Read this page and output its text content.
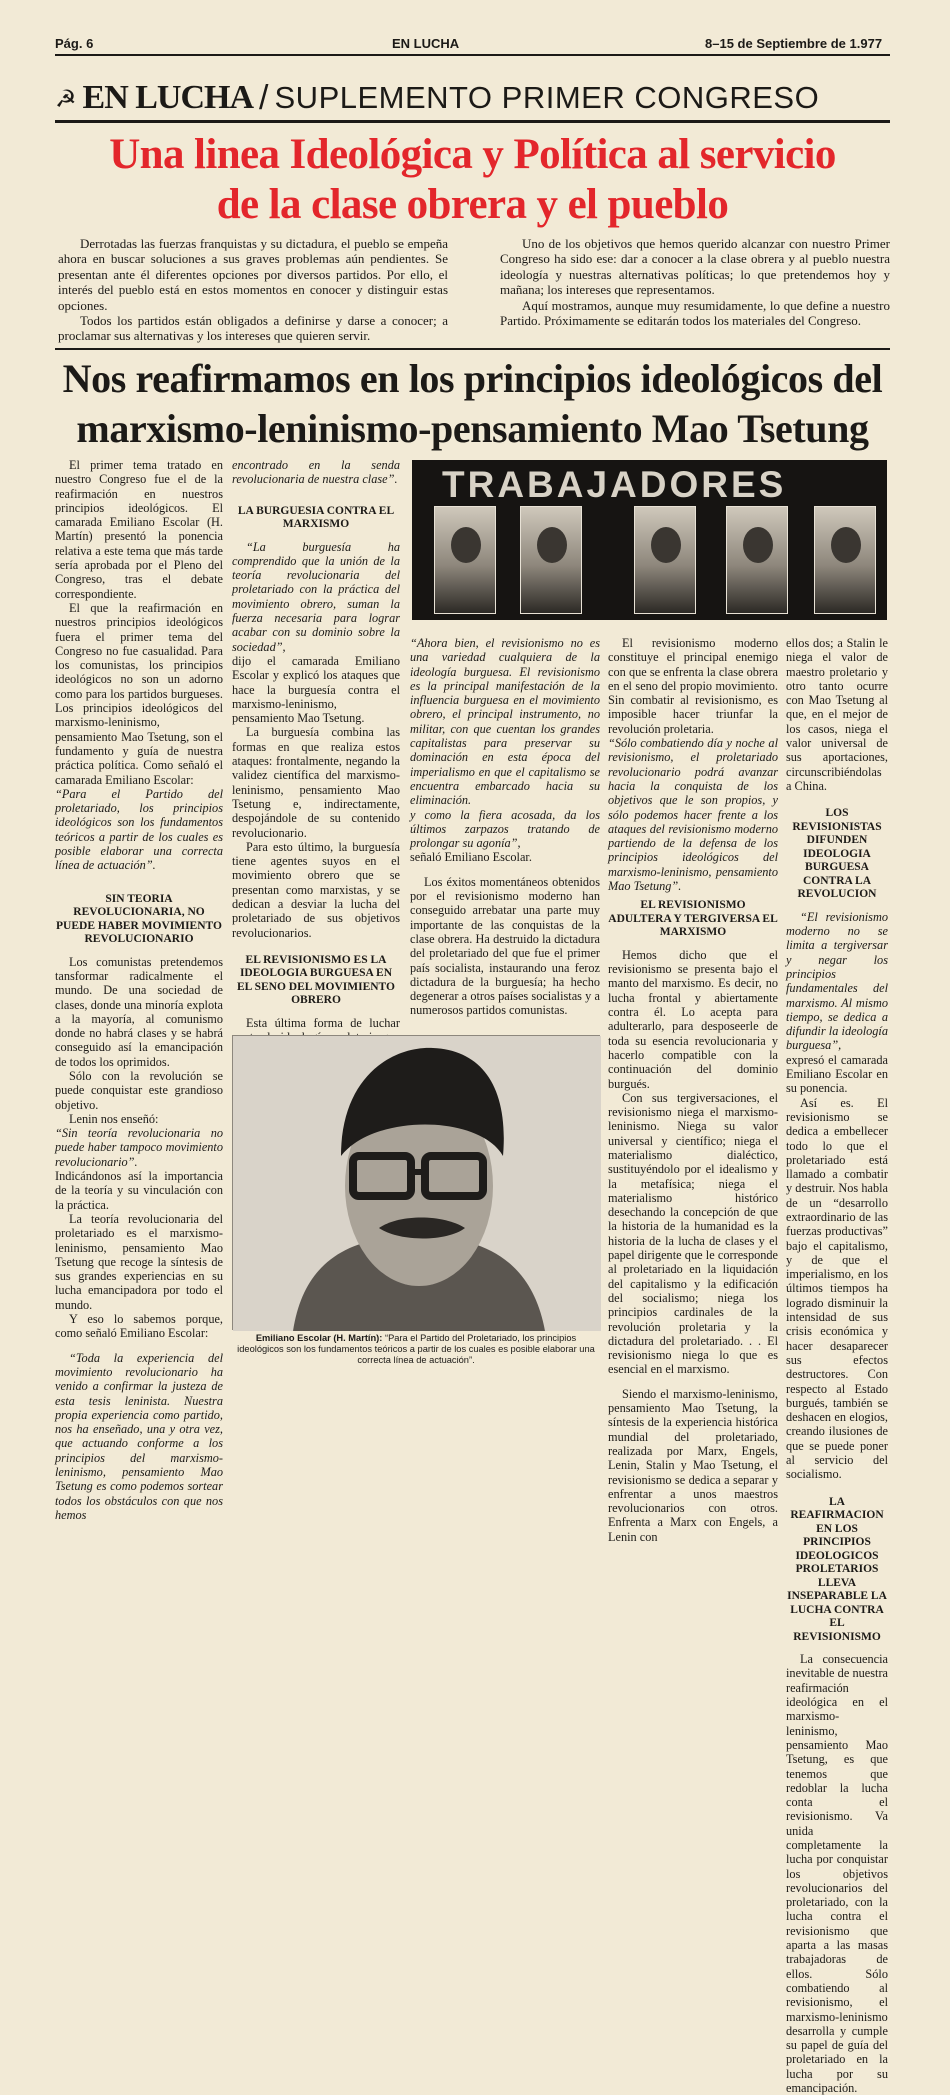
Pág. 6	EN LUCHA	8–15 de Septiembre de 1.977
☭ EN LUCHA / SUPLEMENTO PRIMER CONGRESO
Una linea Ideológica y Política al servicio
de la clase obrera y el pueblo

Derrotadas las fuerzas franquistas y su dictadura, el pueblo se empeña ahora en buscar soluciones a sus graves problemas aún pendientes. Se presentan ante él diferentes opciones por diversos partidos. Por ello, el interés del pueblo está en estos momentos en conocer y distinguir estas opciones.

Todos los partidos están obligados a definirse y darse a conocer; a proclamar sus alternativas y los intereses que quieren servir.

Uno de los objetivos que hemos querido alcanzar con nuestro Primer Congreso ha sido ese: dar a conocer a la clase obrera y al pueblo nuestra ideología y nuestras alternativas políticas; lo que pretendemos hoy y mañana; los intereses que representamos.

Aquí mostramos, aunque muy resumidamente, lo que define a nuestro Partido. Próximamente se editarán todos los materiales del Congreso.

Nos reafirmamos en los principios ideológicos del
marxismo-leninismo-pensamiento Mao Tsetung

El primer tema tratado en nuestro Congreso fue el de la reafirmación en nuestros principios ideológicos. El camarada Emiliano Escolar (H. Martín) presentó la ponencia relativa a este tema que más tarde sería aprobada por el Pleno del Congreso, tras el debate correspondiente.

El que la reafirmación en nuestros principios ideológicos fuera el primer tema del Congreso no fue casualidad. Para los comunistas, los principios ideológicos no son un adorno como para los partidos burgueses. Los principios ideológicos del marxismo-leninismo, pensamiento Mao Tsetung, son el fundamento y guía de nuestra práctica política. Como señaló el camarada Emiliano Escolar:

“Para el Partido del proletariado, los principios ideológicos son los fundamentos teóricos a partir de los cuales es posible elaborar una correcta línea de actuación”.

SIN TEORIA REVOLUCIONARIA, NO PUEDE HABER MOVIMIENTO REVOLUCIONARIO

Los comunistas pretendemos tansformar radicalmente el mundo. De una sociedad de clases, donde una minoría explota a la mayoría, al comunismo donde no habrá clases y se habrá conseguido así la emancipación de todos los oprimidos.

Sólo con la revolución se puede conquistar este grandioso objetivo.

Lenin nos enseñó:

“Sin teoría revolucionaria no puede haber tampoco movimiento revolucionario”.

Indicándonos así la importancia de la teoría y su vinculación con la práctica.

La teoría revolucionaria del proletariado es el marxismo-leninismo, pensamiento Mao Tsetung que recoge la síntesis de sus grandes experiencias en su lucha emancipadora por todo el mundo.

Y eso lo sabemos porque, como señaló Emiliano Escolar:

“Toda la experiencia del movimiento revolucionario ha venido a confirmar la justeza de esta tesis leninista. Nuestra propia experiencia como partido, nos ha enseñado, una y otra vez, que actuando conforme a los principios del marxismo-leninismo, pensamiento Mao Tsetung es como podemos sortear todos los obstáculos con que nos hemos

encontrado en la senda revolucionaria de nuestra clase”.

LA BURGUESIA CONTRA EL MARXISMO

“La burguesía ha comprendido que la unión de la teoría revolucionaria del proletariado con la práctica del movimiento obrero, suman la fuerza necesaria para lograr acabar con su dominio sobre la sociedad”,

dijo el camarada Emiliano Escolar y explicó los ataques que hace la burguesía contra el marxismo-leninismo, pensamiento Mao Tsetung.

La burguesía combina las formas en que realiza estos ataques: frontalmente, negando la validez científica del marxismo-leninismo, pensamiento Mao Tsetung e, indirectamente, despojándole de su contenido revolucionario.

Para esto último, la burguesía tiene agentes suyos en el movimiento obrero que se presentan como marxistas, y se dedican a desviar la lucha del proletariado de sus objetivos revolucionarios.

EL REVISIONISMO ES LA IDEOLOGIA BURGUESA EN EL SENO DEL MOVIMIENTO OBRERO

Esta última forma de luchar

TRABAJADORES

“Ahora bien, el revisionismo no es una variedad cualquiera de la ideología burguesa. El revisionismo es la principal manifestación de la influencia burguesa en el movimiento obrero, el principal instrumento, no militar, con que cuentan los grandes capitalistas para preservar su dominación en esta época del imperialismo en que el capitalismo se encuentra embarcado hacia su eliminación.

y como la fiera acosada, da los últimos zarpazos tratando de prolongar su agonía”,

señaló Emiliano Escolar.

Los éxitos momentáneos obtenidos por el revisionismo moderno han conseguido arrebatar una parte muy importante de las conquistas de la clase obrera. Ha destruido la dictadura del proletariado del que fue el primer país socialista, instaurando una feroz dictadura de la burguesía; ha hecho degenerar a otros países socialistas y a numerosos partidos comunistas.

El revisionismo moderno constituye el principal enemigo con que se enfrenta la clase obrera en el seno del propio movimiento. Sin combatir al revisionismo, es imposible hacer triunfar la revolución proletaria.

“Sólo combatiendo día y noche al revisionismo, el proletariado revolucionario podrá avanzar hacia la conquista de los objetivos que le son propios, y sólo podemos hacer frente a los ataques del revisionismo moderno partiendo de la defensa de los principios ideológicos del marxismo-leninismo, pensamiento Mao Tsetung”.

EL REVISIONISMO ADULTERA Y TERGIVERSA EL MARXISMO

Hemos dicho que el revisionismo se presenta bajo el manto del marxismo. Es decir, no lucha frontal y abiertamente contra él. Lo acepta para adulterarlo, para desposeerle de toda su esencia revolucionaria y hacerlo compatible con la continuación del dominio burgués.

Con sus tergiversaciones, el revisionismo niega el marxismo-leninismo. Niega su valor universal y científico; niega el materialismo dialéctico, sustituyéndolo por el idealismo y la metafísica; niega el materialismo histórico desechando la concepción de que la historia de la humanidad es la historia de la lucha de clases y el papel dirigente que le corresponde al proletariado en la liquidación del capitalismo y la edificación del socialismo; niega los principios cardinales de la revolución proletaria y la dictadura del proletariado. . . El revisionismo niega lo que es esencial en el marxismo.

Siendo el marxismo-leninismo, pensamiento Mao Tsetung, la síntesis de la experiencia histórica mundial del proletariado, realizada por Marx, Engels, Lenin, Stalin y Mao Tsetung, el revisionismo se dedica a separar y enfrentar a unos maestros revolucionarios con otros. Enfrenta a Marx con Engels, a Lenin con

ellos dos; a Stalin le niega el valor de maestro proletario y otro tanto ocurre con Mao Tsetung al que, en el mejor de los casos, niega el valor universal de sus aportaciones, circunscribiéndolas a China.

LOS REVISIONISTAS DIFUNDEN IDEOLOGIA BURGUESA CONTRA LA REVOLUCION

“El revisionismo moderno no se limita a tergiversar y negar los principios fundamentales del marxismo. Al mismo tiempo, se dedica a difundir la ideología burguesa”,

expresó el camarada Emiliano Escolar en su ponencia.

Así es. El revisionismo se dedica a embellecer todo lo que el proletariado está llamado a combatir y destruir. Nos habla de un “desarrollo extraordinario de las fuerzas productivas” bajo el capitalismo, y de que el imperialismo, en los últimos tiempos ha logrado disminuir la intensidad de sus crisis económica y hacer desaparecer sus efectos destructores. Con respecto al Estado burgués, también se deshacen en elogios, creando ilusiones de que se puede poner al servicio del socialismo.

LA REAFIRMACION EN LOS PRINCIPIOS IDEOLOGICOS PROLETARIOS LLEVA INSEPARABLE LA LUCHA CONTRA EL REVISIONISMO

La consecuencia inevitable de nuestra reafirmación ideológica en el marxismo-leninismo, pensamiento Mao Tsetung, es que tenemos que redoblar la lucha conta el revisionismo. Va unida completamente la lucha por conquistar los objetivos revolucionarios del proletariado, con la lucha contra el revisionismo que aparta a las masas trabajadoras de ellos. Sólo combatiendo al revisionismo, el marxismo-leninismo desarrolla y cumple su papel de guía del proletariado en la lucha por su emancipación.

Emiliano Escolar (H. Martín): “Para el Partido del Proletariado, los principios ideológicos son los fundamentos teóricos a partir de los cuales es posible elaborar una correcta línea de actuación”.
